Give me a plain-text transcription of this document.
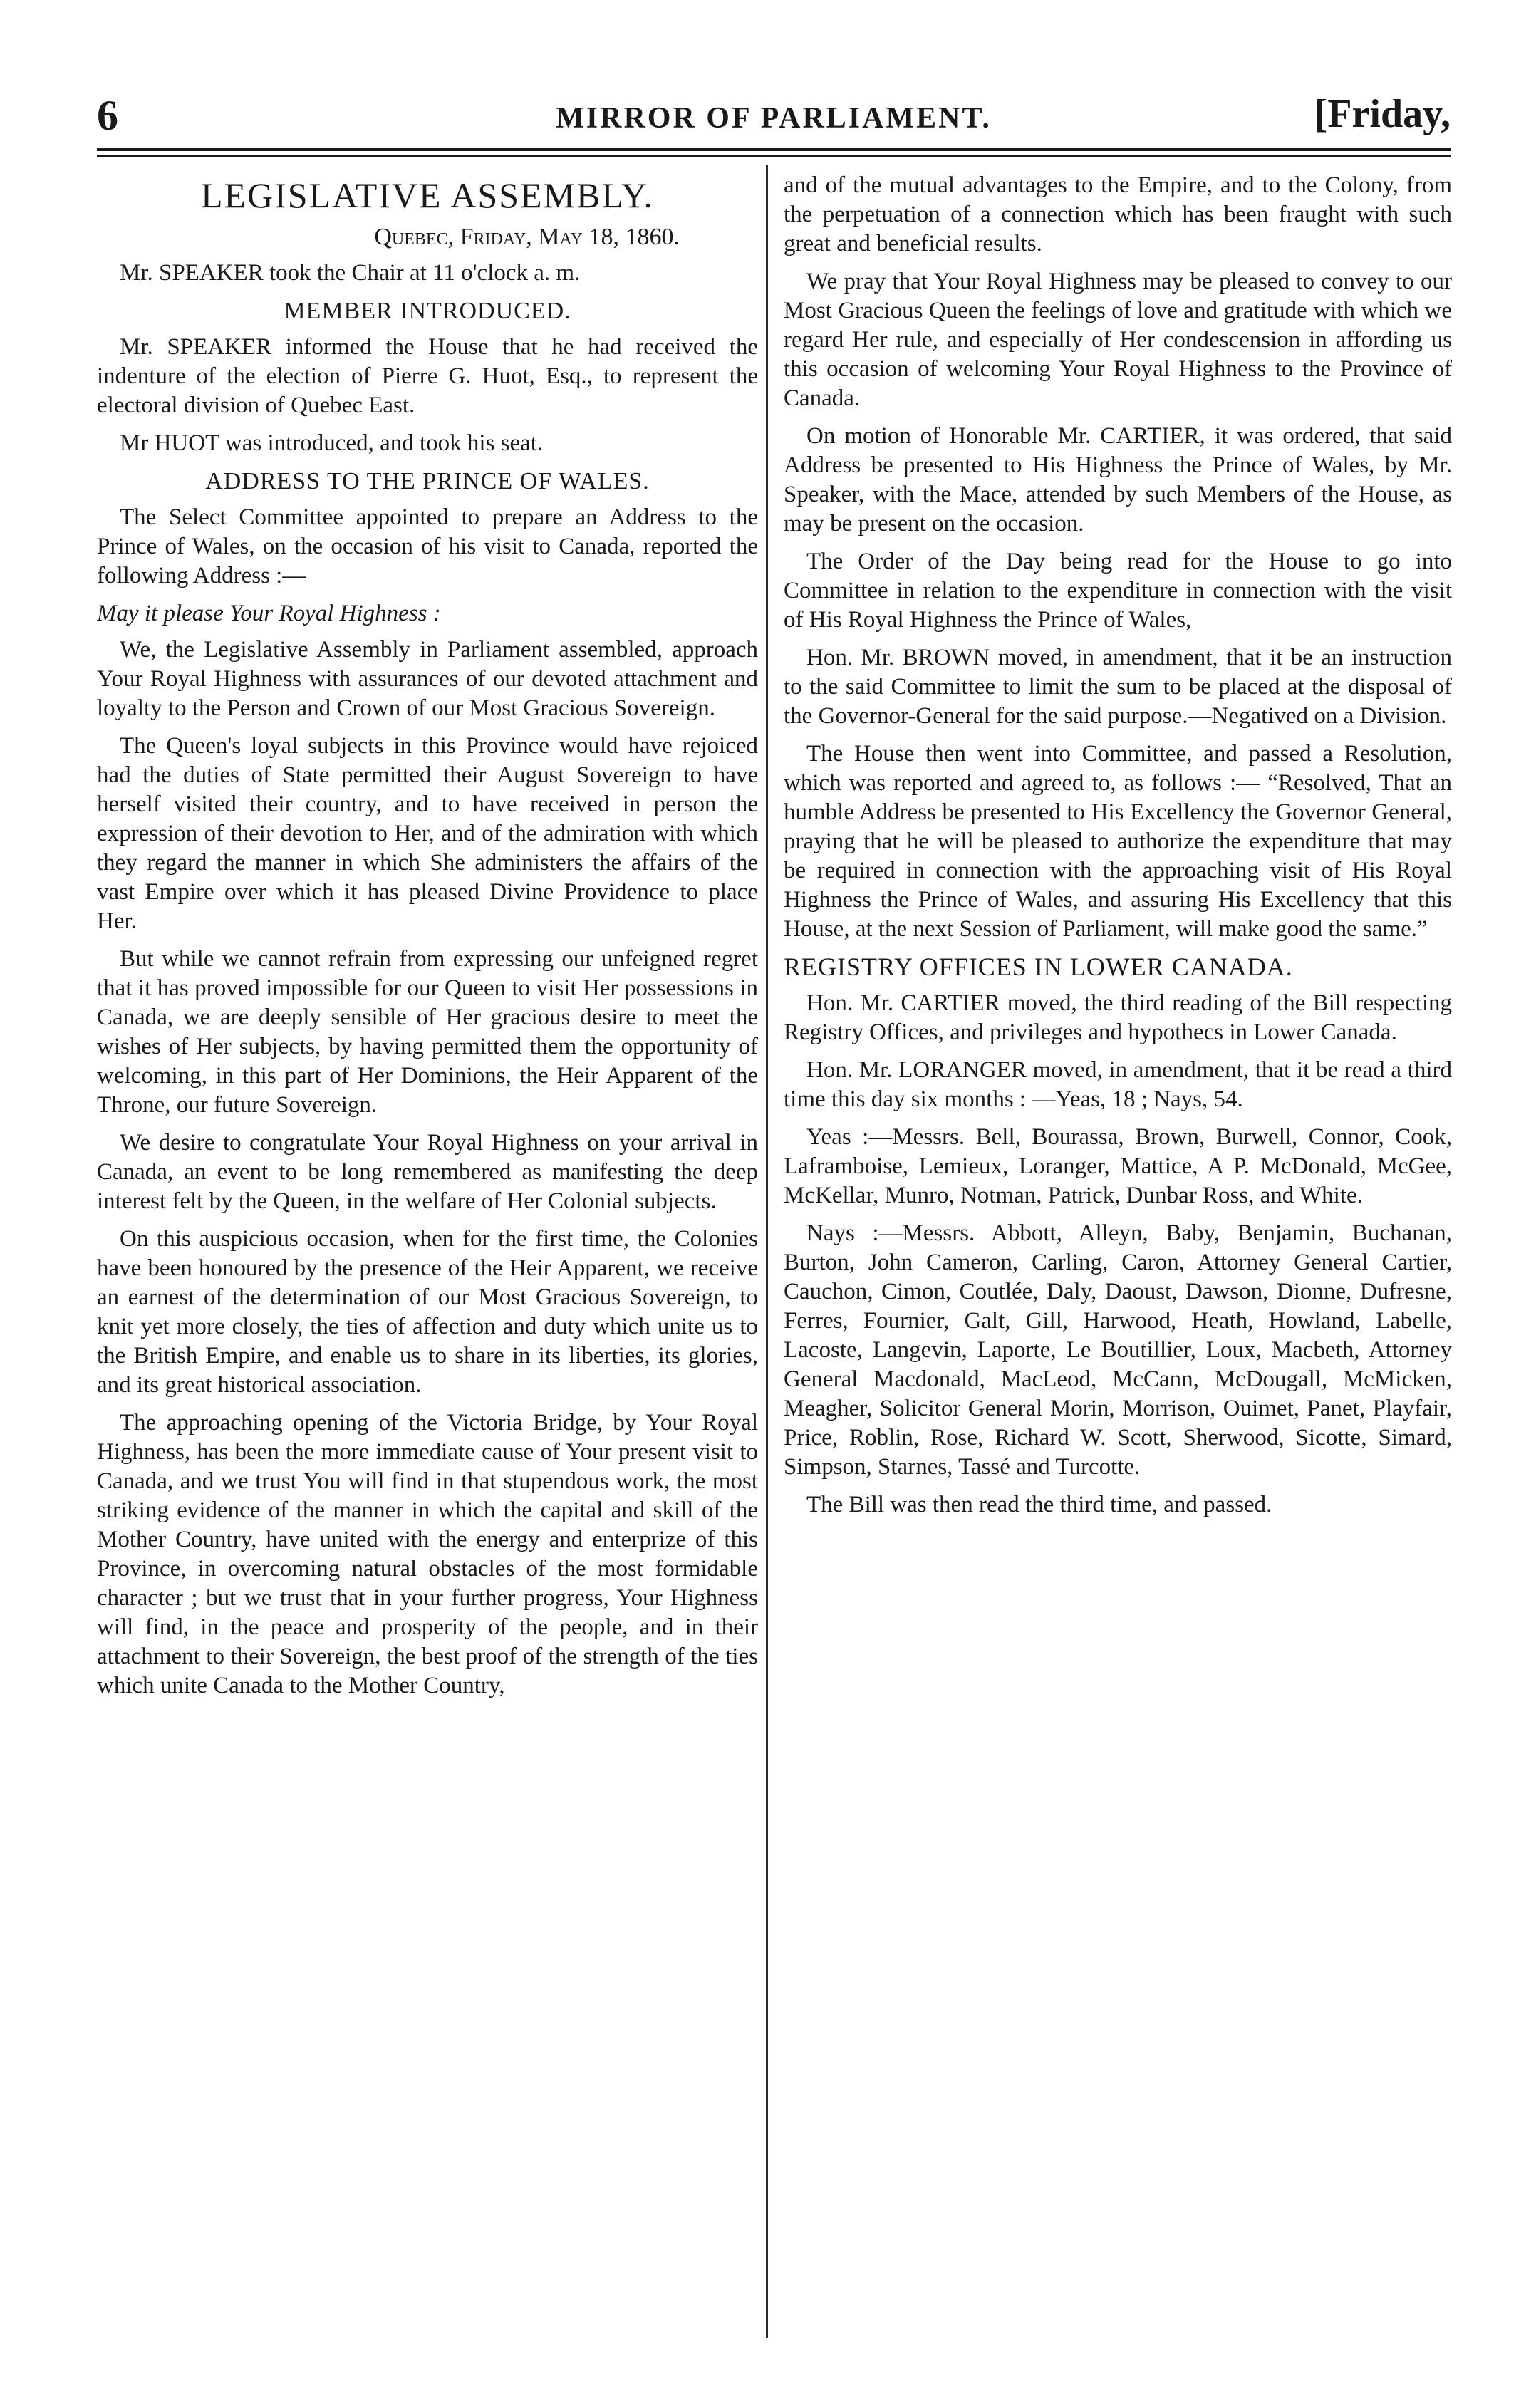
6	MIRROR OF PARLIAMENT.	[Friday,
LEGISLATIVE ASSEMBLY.
Quebec, Friday, May 18, 1860.

Mr. SPEAKER took the Chair at 11 o'clock a. m.

MEMBER INTRODUCED.

Mr. SPEAKER informed the House that he had received the indenture of the election of Pierre G. Huot, Esq., to represent the electoral division of Quebec East.

Mr HUOT was introduced, and took his seat.

ADDRESS TO THE PRINCE OF WALES.

The Select Committee appointed to prepare an Address to the Prince of Wales, on the occasion of his visit to Canada, reported the following Address :—

May it please Your Royal Highness :

We, the Legislative Assembly in Parliament assembled, approach Your Royal Highness with assurances of our devoted attachment and loyalty to the Person and Crown of our Most Gracious Sovereign.

The Queen's loyal subjects in this Province would have rejoiced had the duties of State permitted their August Sovereign to have herself visited their country, and to have received in person the expression of their devotion to Her, and of the admiration with which they regard the manner in which She administers the affairs of the vast Empire over which it has pleased Divine Providence to place Her.

But while we cannot refrain from expressing our unfeigned regret that it has proved impossible for our Queen to visit Her possessions in Canada, we are deeply sensible of Her gracious desire to meet the wishes of Her subjects, by having permitted them the opportunity of welcoming, in this part of Her Dominions, the Heir Apparent of the Throne, our future Sovereign.

We desire to congratulate Your Royal Highness on your arrival in Canada, an event to be long remembered as manifesting the deep interest felt by the Queen, in the welfare of Her Colonial subjects.

On this auspicious occasion, when for the first time, the Colonies have been honoured by the presence of the Heir Apparent, we receive an earnest of the determination of our Most Gracious Sovereign, to knit yet more closely, the ties of affection and duty which unite us to the British Empire, and enable us to share in its liberties, its glories, and its great historical association.

The approaching opening of the Victoria Bridge, by Your Royal Highness, has been the more immediate cause of Your present visit to Canada, and we trust You will find in that stupendous work, the most striking evidence of the manner in which the capital and skill of the Mother Country, have united with the energy and enterprize of this Province, in overcoming natural obstacles of the most formidable character ; but we trust that in your further progress, Your Highness will find, in the peace and prosperity of the people, and in their attachment to their Sovereign, the best proof of the strength of the ties which unite Canada to the Mother Country,

and of the mutual advantages to the Empire, and to the Colony, from the perpetuation of a connection which has been fraught with such great and beneficial results.

We pray that Your Royal Highness may be pleased to convey to our Most Gracious Queen the feelings of love and gratitude with which we regard Her rule, and especially of Her condescension in affording us this occasion of welcoming Your Royal Highness to the Province of Canada.

On motion of Honorable Mr. CARTIER, it was ordered, that said Address be presented to His Highness the Prince of Wales, by Mr. Speaker, with the Mace, attended by such Members of the House, as may be present on the occasion.

The Order of the Day being read for the House to go into Committee in relation to the expenditure in connection with the visit of His Royal Highness the Prince of Wales,

Hon. Mr. BROWN moved, in amendment, that it be an instruction to the said Committee to limit the sum to be placed at the disposal of the Governor-General for the said purpose.—Negatived on a Division.

The House then went into Committee, and passed a Resolution, which was reported and agreed to, as follows :— “Resolved, That an humble Address be presented to His Excellency the Governor General, praying that he will be pleased to authorize the expenditure that may be required in connection with the approaching visit of His Royal Highness the Prince of Wales, and assuring His Excellency that this House, at the next Session of Parliament, will make good the same.”

REGISTRY OFFICES IN LOWER CANADA.

Hon. Mr. CARTIER moved, the third reading of the Bill respecting Registry Offices, and privileges and hypothecs in Lower Canada.

Hon. Mr. LORANGER moved, in amendment, that it be read a third time this day six months : —Yeas, 18 ; Nays, 54.

Yeas :—Messrs. Bell, Bourassa, Brown, Burwell, Connor, Cook, Laframboise, Lemieux, Loranger, Mattice, A P. McDonald, McGee, McKellar, Munro, Notman, Patrick, Dunbar Ross, and White.

Nays :—Messrs. Abbott, Alleyn, Baby, Benjamin, Buchanan, Burton, John Cameron, Carling, Caron, Attorney General Cartier, Cauchon, Cimon, Coutlée, Daly, Daoust, Dawson, Dionne, Dufresne, Ferres, Fournier, Galt, Gill, Harwood, Heath, Howland, Labelle, Lacoste, Langevin, Laporte, Le Boutillier, Loux, Macbeth, Attorney General Macdonald, MacLeod, McCann, McDougall, McMicken, Meagher, Solicitor General Morin, Morrison, Ouimet, Panet, Playfair, Price, Roblin, Rose, Richard W. Scott, Sherwood, Sicotte, Simard, Simpson, Starnes, Tassé and Turcotte.

The Bill was then read the third time, and passed.
